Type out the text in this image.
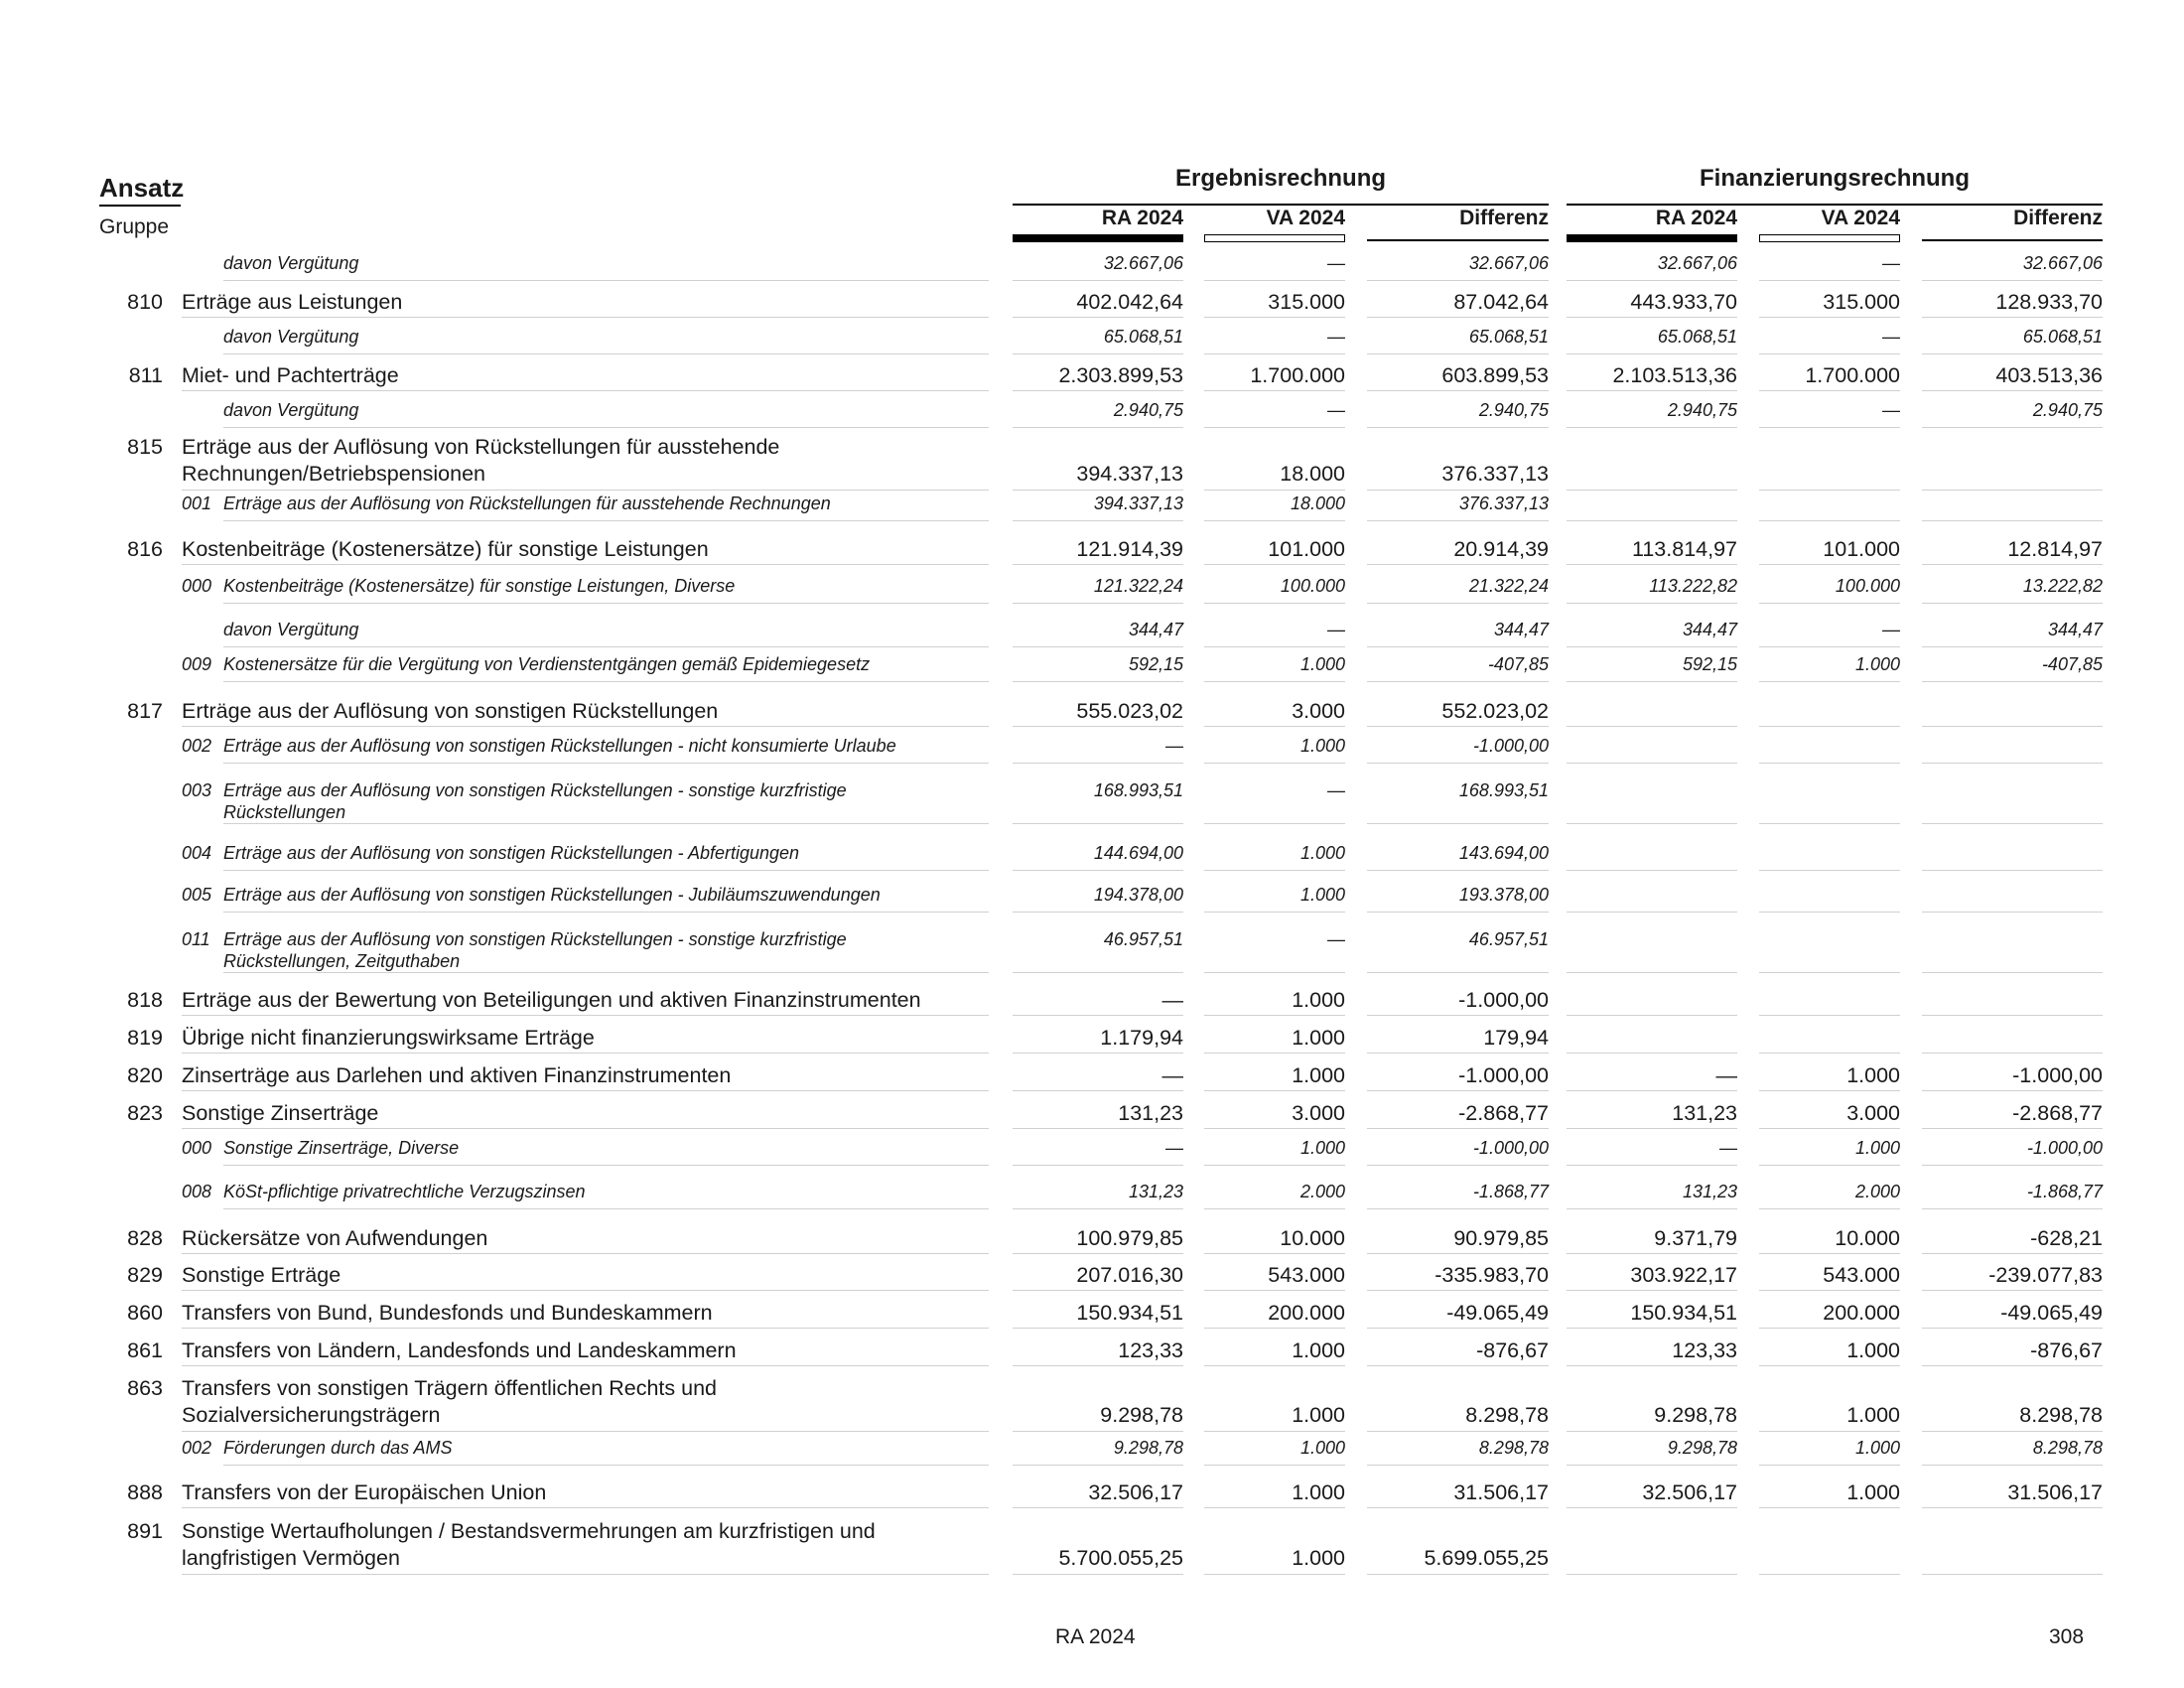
Ansatz
Gruppe
Ergebnisrechnung	Finanzierungsrechnung
RA 2024	VA 2024	Differenz	RA 2024	VA 2024	Differenz
davon Vergütung	32.667,06	—	32.667,06	32.667,06	—	32.667,06
810 Erträge aus Leistungen	402.042,64	315.000	87.042,64	443.933,70	315.000	128.933,70
davon Vergütung	65.068,51	—	65.068,51	65.068,51	—	65.068,51
811 Miet- und Pachterträge	2.303.899,53	1.700.000	603.899,53	2.103.513,36	1.700.000	403.513,36
davon Vergütung	2.940,75	—	2.940,75	2.940,75	—	2.940,75
815 Erträge aus der Auflösung von Rückstellungen für ausstehende
Rechnungen/Betriebspensionen	394.337,13	18.000	376.337,13
001 Erträge aus der Auflösung von Rückstellungen für ausstehende Rechnungen	394.337,13	18.000	376.337,13
816 Kostenbeiträge (Kostenersätze) für sonstige Leistungen	121.914,39	101.000	20.914,39	113.814,97	101.000	12.814,97
000 Kostenbeiträge (Kostenersätze) für sonstige Leistungen, Diverse	121.322,24	100.000	21.322,24	113.222,82	100.000	13.222,82
davon Vergütung	344,47	—	344,47	344,47	—	344,47
009 Kostenersätze für die Vergütung von Verdienstentgängen gemäß Epidemiegesetz	592,15	1.000	-407,85	592,15	1.000	-407,85
817 Erträge aus der Auflösung von sonstigen Rückstellungen	555.023,02	3.000	552.023,02
002 Erträge aus der Auflösung von sonstigen Rückstellungen - nicht konsumierte Urlaube	—	1.000	-1.000,00
003 Erträge aus der Auflösung von sonstigen Rückstellungen - sonstige kurzfristige
Rückstellungen
168.993,51	—	168.993,51
004 Erträge aus der Auflösung von sonstigen Rückstellungen - Abfertigungen	144.694,00	1.000	143.694,00
005 Erträge aus der Auflösung von sonstigen Rückstellungen - Jubiläumszuwendungen	194.378,00	1.000	193.378,00
011 Erträge aus der Auflösung von sonstigen Rückstellungen - sonstige kurzfristige
Rückstellungen, Zeitguthaben
46.957,51	—	46.957,51
818 Erträge aus der Bewertung von Beteiligungen und aktiven Finanzinstrumenten	—	1.000	-1.000,00
819 Übrige nicht finanzierungswirksame Erträge	1.179,94	1.000	179,94
820 Zinserträge aus Darlehen und aktiven Finanzinstrumenten	—	1.000	-1.000,00	—	1.000	-1.000,00
823 Sonstige Zinserträge	131,23	3.000	-2.868,77	131,23	3.000	-2.868,77
000 Sonstige Zinserträge, Diverse	—	1.000	-1.000,00	—	1.000	-1.000,00
008 KöSt-pflichtige privatrechtliche Verzugszinsen	131,23	2.000	-1.868,77	131,23	2.000	-1.868,77
828 Rückersätze von Aufwendungen	100.979,85	10.000	90.979,85	9.371,79	10.000	-628,21
829 Sonstige Erträge	207.016,30	543.000	-335.983,70	303.922,17	543.000	-239.077,83
860 Transfers von Bund, Bundesfonds und Bundeskammern	150.934,51	200.000	-49.065,49	150.934,51	200.000	-49.065,49
861 Transfers von Ländern, Landesfonds und Landeskammern	123,33	1.000	-876,67	123,33	1.000	-876,67
863 Transfers von sonstigen Trägern öffentlichen Rechts und
Sozialversicherungsträgern	9.298,78	1.000	8.298,78	9.298,78	1.000	8.298,78
002 Förderungen durch das AMS	9.298,78	1.000	8.298,78	9.298,78	1.000	8.298,78
888 Transfers von der Europäischen Union	32.506,17	1.000	31.506,17	32.506,17	1.000	31.506,17
891 Sonstige Wertaufholungen / Bestandsvermehrungen am kurzfristigen und
langfristigen Vermögen	5.700.055,25	1.000	5.699.055,25
RA 2024	308
